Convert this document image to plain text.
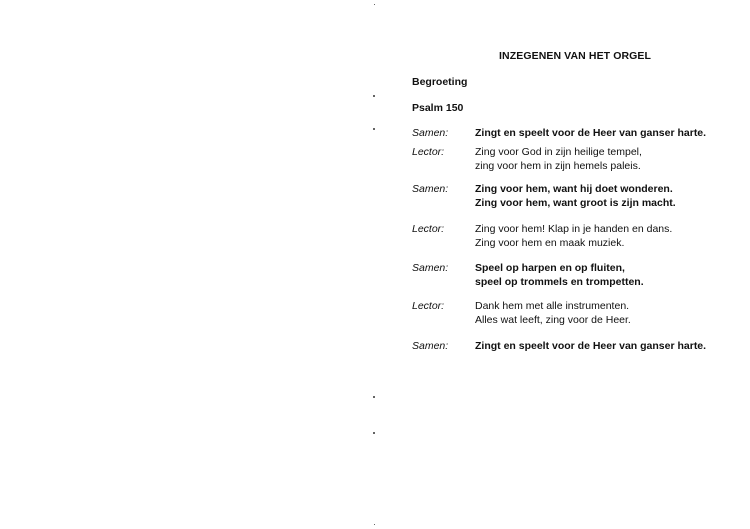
INZEGENEN VAN HET ORGEL
Begroeting
Psalm 150
Samen:	Zingt en speelt voor de Heer van ganser harte.
Lector:	Zing voor God in zijn heilige tempel,
zing voor hem in zijn hemels paleis.
Samen:	Zing voor hem, want hij doet wonderen.
Zing voor hem, want groot is zijn macht.
Lector:	Zing voor hem! Klap in je handen en dans.
Zing voor hem en maak muziek.
Samen:	Speel op harpen en op fluiten,
speel op trommels en trompetten.
Lector:	Dank hem met alle instrumenten.
Alles wat leeft, zing voor de Heer.
Samen:	Zingt en speelt voor de Heer van ganser harte.
